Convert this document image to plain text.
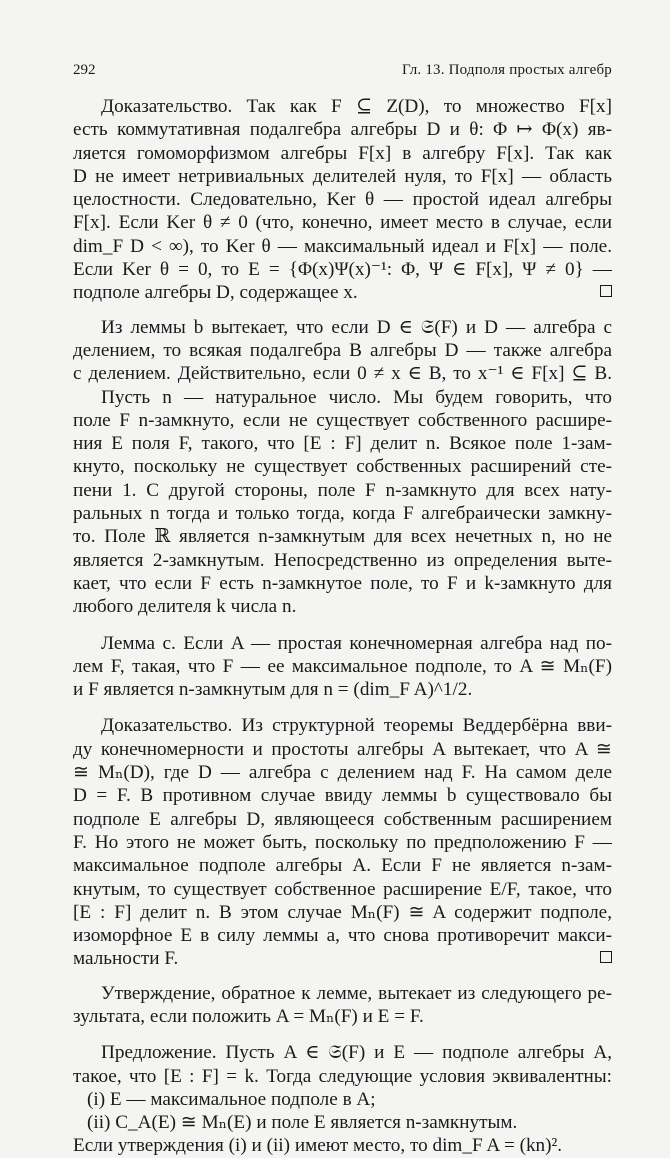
292	Гл. 13. Подполя простых алгебр
Доказательство. Так как F ⊆ Z(D), то множество F[x]
есть коммутативная подалгебра алгебры D и θ: Φ ↦ Φ(x) яв-
ляется гомоморфизмом алгебры F[x] в алгебру F[x]. Так как
D не имеет нетривиальных делителей нуля, то F[x] — область
целостности. Следовательно, Ker θ — простой идеал алгебры
F[x]. Если Ker θ ≠ 0 (что, конечно, имеет место в случае, если
dim_F D < ∞), то Ker θ — максимальный идеал и F[x] — поле.
Если Ker θ = 0, то E = {Φ(x)Ψ(x)⁻¹: Φ, Ψ ∈ F[x], Ψ ≠ 0} —
подполе алгебры D, содержащее x.
Из леммы b вытекает, что если D ∈ 𝔖(F) и D — алгебра с
делением, то всякая подалгебра B алгебры D — также алгебра
с делением. Действительно, если 0 ≠ x ∈ B, то x⁻¹ ∈ F[x] ⊆ B.
Пусть n — натуральное число. Мы будем говорить, что
поле F n-замкнуто, если не существует собственного расшире-
ния E поля F, такого, что [E : F] делит n. Всякое поле 1-зам-
кнуто, поскольку не существует собственных расширений сте-
пени 1. С другой стороны, поле F n-замкнуто для всех нату-
ральных n тогда и только тогда, когда F алгебраически замкну-
то. Поле ℝ является n-замкнутым для всех нечетных n, но не
является 2-замкнутым. Непосредственно из определения выте-
кает, что если F есть n-замкнутое поле, то F и k-замкнуто для
любого делителя k числа n.
Лемма с. Если A — простая конечномерная алгебра над по-
лем F, такая, что F — ее максимальное подполе, то A ≅ Mₙ(F)
и F является n-замкнутым для n = (dim_F A)^1/2.
Доказательство. Из структурной теоремы Веддербёрна вви-
ду конечномерности и простоты алгебры A вытекает, что A ≅
≅ Mₙ(D), где D — алгебра с делением над F. На самом деле
D = F. В противном случае ввиду леммы b существовало бы
подполе E алгебры D, являющееся собственным расширением
F. Но этого не может быть, поскольку по предположению F —
максимальное подполе алгебры A. Если F не является n-зам-
кнутым, то существует собственное расширение E/F, такое, что
[E : F] делит n. В этом случае Mₙ(F) ≅ A содержит подполе,
изоморфное E в силу леммы а, что снова противоречит макси-
мальности F.
Утверждение, обратное к лемме, вытекает из следующего ре-
зультата, если положить A = Mₙ(F) и E = F.
Предложение. Пусть A ∈ 𝔖(F) и E — подполе алгебры A,
такое, что [E : F] = k. Тогда следующие условия эквивалентны:
(i) E — максимальное подполе в A;
(ii) C_A(E) ≅ Mₙ(E) и поле E является n-замкнутым.
Если утверждения (i) и (ii) имеют место, то dim_F A = (kn)².
